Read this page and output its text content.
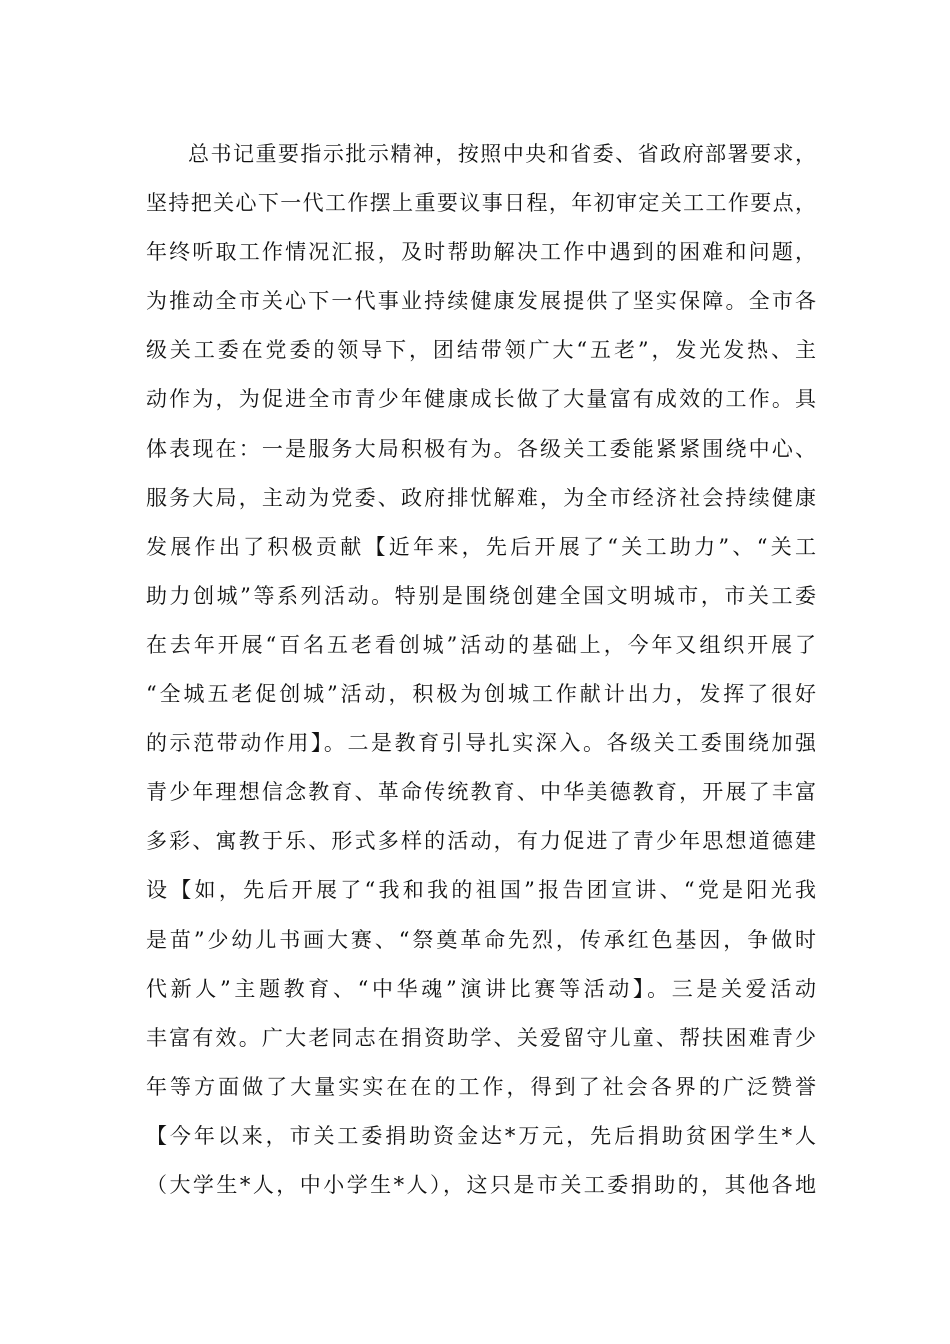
总书记重要指示批示精神，按照中央和省委、省政府部署要求，
坚持把关心下一代工作摆上重要议事日程，年初审定关工工作要点，
年终听取工作情况汇报，及时帮助解决工作中遇到的困难和问题，
为推动全市关心下一代事业持续健康发展提供了坚实保障。全市各
级关工委在党委的领导下，团结带领广大“五老”，发光发热、主
动作为，为促进全市青少年健康成长做了大量富有成效的工作。具
体表现在：一是服务大局积极有为。各级关工委能紧紧围绕中心、
服务大局，主动为党委、政府排忧解难，为全市经济社会持续健康
发展作出了积极贡献【近年来，先后开展了“关工助力”、“关工
助力创城”等系列活动。特别是围绕创建全国文明城市，市关工委
在去年开展“百名五老看创城”活动的基础上，今年又组织开展了
“全城五老促创城”活动，积极为创城工作献计出力，发挥了很好
的示范带动作用】。二是教育引导扎实深入。各级关工委围绕加强
青少年理想信念教育、革命传统教育、中华美德教育，开展了丰富
多彩、寓教于乐、形式多样的活动，有力促进了青少年思想道德建
设【如，先后开展了“我和我的祖国”报告团宣讲、“党是阳光我
是苗”少幼儿书画大赛、“祭奠革命先烈，传承红色基因，争做时
代新人”主题教育、“中华魂”演讲比赛等活动】。三是关爱活动
丰富有效。广大老同志在捐资助学、关爱留守儿童、帮扶困难青少
年等方面做了大量实实在在的工作，得到了社会各界的广泛赞誉
【今年以来，市关工委捐助资金达*万元，先后捐助贫困学生*人
（大学生*人，中小学生*人），这只是市关工委捐助的，其他各地
